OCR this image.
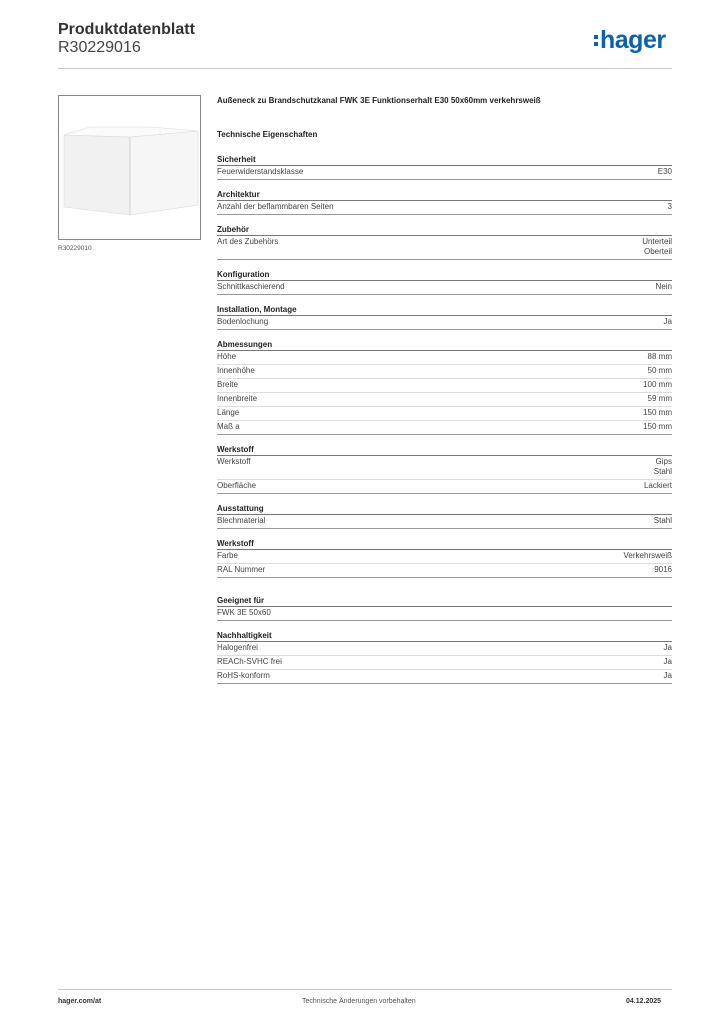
Produktdatenblatt
R30229016	hager
R30229010
Außeneck zu Brandschutzkanal FWK 3E Funktionserhalt E30 50x60mm verkehrsweiß
Technische Eigenschaften
Sicherheit
Feuerwiderstandsklasse	E30
Architektur
Anzahl der beflammbaren Seiten	3
Zubehör
Art des Zubehörs	Unterteil
Oberteil
Konfiguration
Schnittkaschierend	Nein
Installation, Montage
Bodenlochung	Ja
Abmessungen
Höhe	88 mm
Innenhöhe	50 mm
Breite	100 mm
Innenbreite	59 mm
Länge	150 mm
Maß a	150 mm
Werkstoff
Werkstoff	Gips
Stahl
Oberfläche	Lackiert
Ausstattung
Blechmaterial	Stahl
Werkstoff
Farbe	Verkehrsweiß
RAL Nummer	9016
Geeignet für
FWK 3E 50x60
Nachhaltigkeit
Halogenfrei	Ja
REACh-SVHC frei	Ja
RoHS-konform	Ja
hager.com/at	Technische Änderungen vorbehalten	04.12.2025
